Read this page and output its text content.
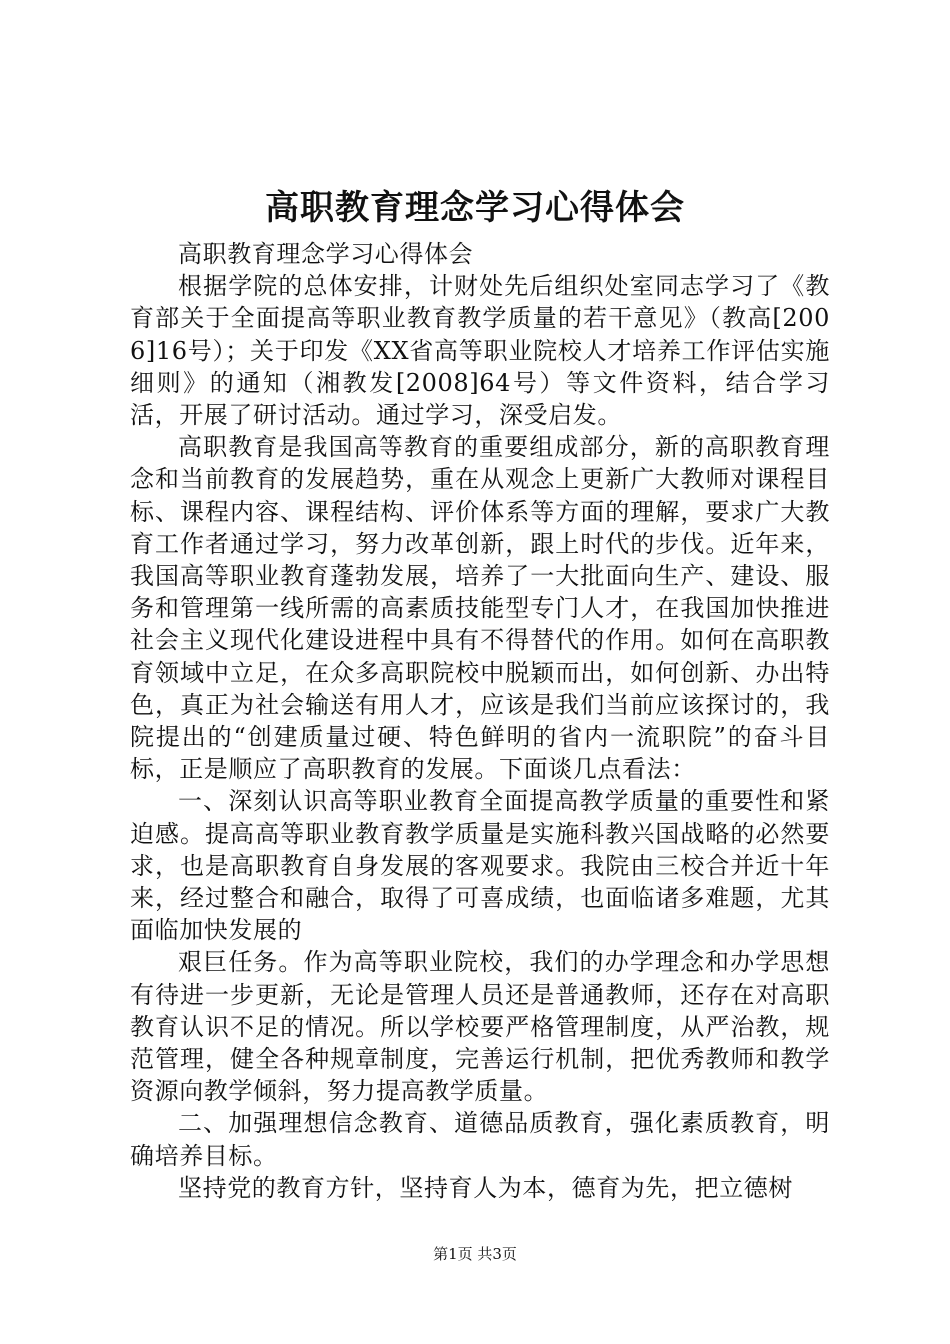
高职教育理念学习心得体会

高职教育理念学习心得体会

根据学院的总体安排，计财处先后组织处室同志学习了《教育部关于全面提高等职业教育教学质量的若干意见》（教高[2006]16号）；关于印发《XX省高等职业院校人才培养工作评估实施细则》的通知（湘教发[2008]64号）等文件资料，结合学习活，开展了研讨活动。通过学习，深受启发。

高职教育是我国高等教育的重要组成部分，新的高职教育理念和当前教育的发展趋势，重在从观念上更新广大教师对课程目标、课程内容、课程结构、评价体系等方面的理解，要求广大教育工作者通过学习，努力改革创新，跟上时代的步伐。近年来，我国高等职业教育蓬勃发展，培养了一大批面向生产、建设、服务和管理第一线所需的高素质技能型专门人才，在我国加快推进社会主义现代化建设进程中具有不得替代的作用。如何在高职教育领域中立足，在众多高职院校中脱颖而出，如何创新、办出特色，真正为社会输送有用人才，应该是我们当前应该探讨的，我院提出的“创建质量过硬、特色鲜明的省内一流职院”的奋斗目标，正是顺应了高职教育的发展。下面谈几点看法：

一、深刻认识高等职业教育全面提高教学质量的重要性和紧迫感。提高高等职业教育教学质量是实施科教兴国战略的必然要求，也是高职教育自身发展的客观要求。我院由三校合并近十年来，经过整合和融合，取得了可喜成绩，也面临诸多难题，尤其面临加快发展的

艰巨任务。作为高等职业院校，我们的办学理念和办学思想有待进一步更新，无论是管理人员还是普通教师，还存在对高职教育认识不足的情况。所以学校要严格管理制度，从严治教，规范管理，健全各种规章制度，完善运行机制，把优秀教师和教学资源向教学倾斜，努力提高教学质量。

二、加强理想信念教育、道德品质教育，强化素质教育，明确培养目标。

坚持党的教育方针，坚持育人为本，德育为先，把立德树

第1页 共3页
